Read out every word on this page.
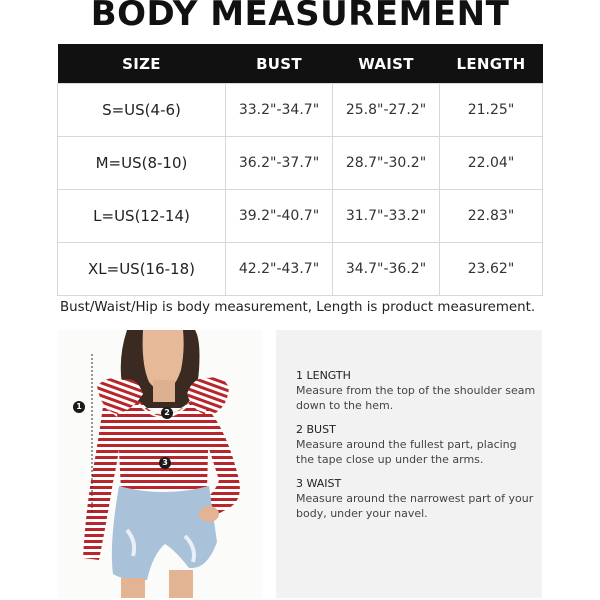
BODY MEASUREMENT
SIZE	BUST	WAIST	LENGTH
S=US(4-6)	33.2"-34.7"	25.8"-27.2"	21.25"
M=US(8-10)	36.2"-37.7"	28.7"-30.2"	22.04"
L=US(12-14)	39.2"-40.7"	31.7"-33.2"	22.83"
XL=US(16-18)	42.2"-43.7"	34.7"-36.2"	23.62"
Bust/Waist/Hip is body measurement, Length is product measurement.
1
2
3
1 LENGTH
Measure from the top of the shoulder seam down to the hem.
2 BUST
Measure around the fullest part, placing the tape close up under the arms.
3 WAIST
Measure around the narrowest part of your body, under your navel.
